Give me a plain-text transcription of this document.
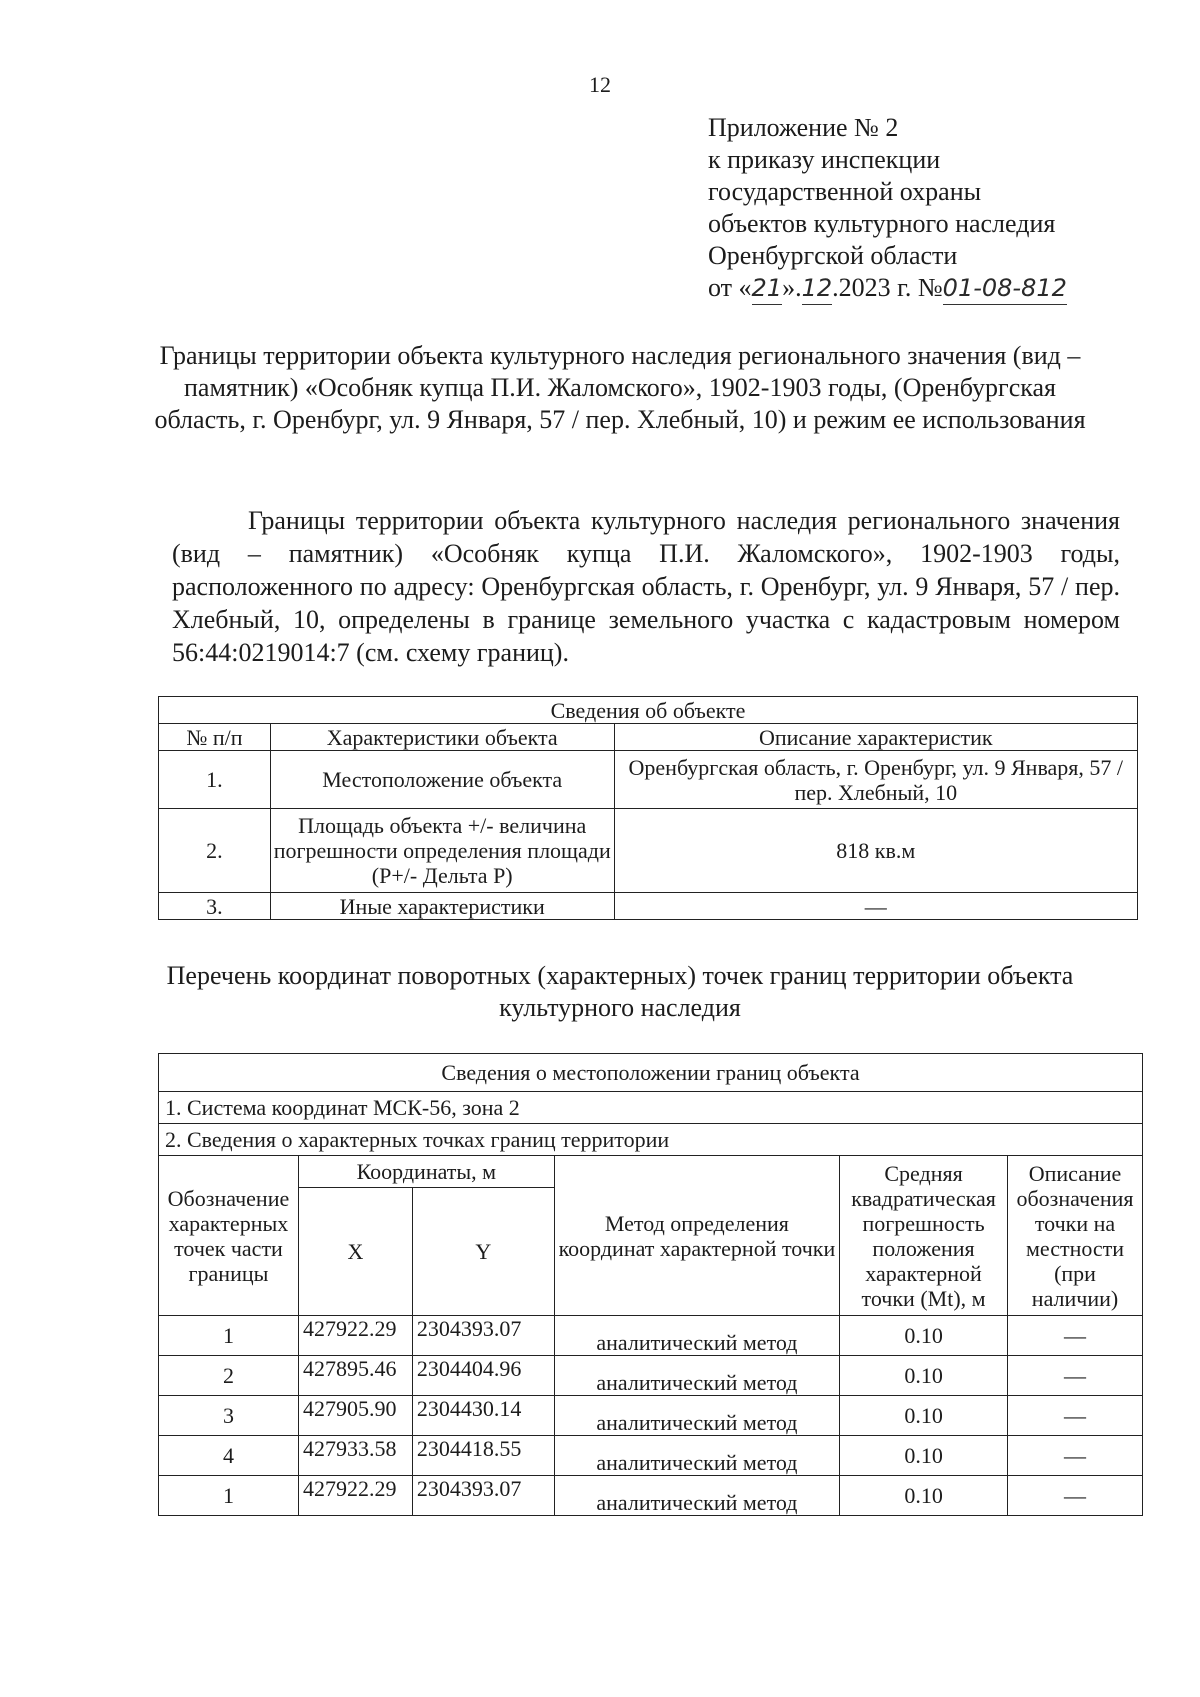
12
Приложение № 2
к приказу инспекции
государственной охраны
объектов культурного наследия
Оренбургской области
от «21».12.2023 г. №01-08-812
Границы территории объекта культурного наследия регионального значения (вид – памятник) «Особняк купца П.И. Жаломского», 1902-1903 годы, (Оренбургская область, г. Оренбург, ул. 9 Января, 57 / пер. Хлебный, 10) и режим ее использования
Границы территории объекта культурного наследия регионального значения (вид – памятник) «Особняк купца П.И. Жаломского», 1902-1903 годы, расположенного по адресу: Оренбургская область, г. Оренбург, ул. 9 Января, 57 / пер. Хлебный, 10, определены в границе земельного участка с кадастровым номером 56:44:0219014:7 (см. схему границ).
Сведения об объекте		
№ п/п	Характеристики объекта	Описание характеристик
1.	Местоположение объекта	Оренбургская область, г. Оренбург, ул. 9 Января, 57 / пер. Хлебный, 10
2.	Площадь объекта +/- величина погрешности определения площади (Р+/- Дельта Р)	818 кв.м
3.	Иные характеристики	—
Перечень координат поворотных (характерных) точек границ территории объекта культурного наследия
Сведения о местоположении границ объекта					
1. Система координат МСК-56, зона 2					
2. Сведения о характерных точках границ территории					
Обозначение характерных точек части границы	Координаты, м		Метод определения координат характерной точки	Средняя квадратическая погрешность положения характерной точки (Mt), м	Описание обозначения точки на местности (при наличии)
	X	Y			
1	427922.29	2304393.07	аналитический метод	0.10	—
2	427895.46	2304404.96	аналитический метод	0.10	—
3	427905.90	2304430.14	аналитический метод	0.10	—
4	427933.58	2304418.55	аналитический метод	0.10	—
1	427922.29	2304393.07	аналитический метод	0.10	—
